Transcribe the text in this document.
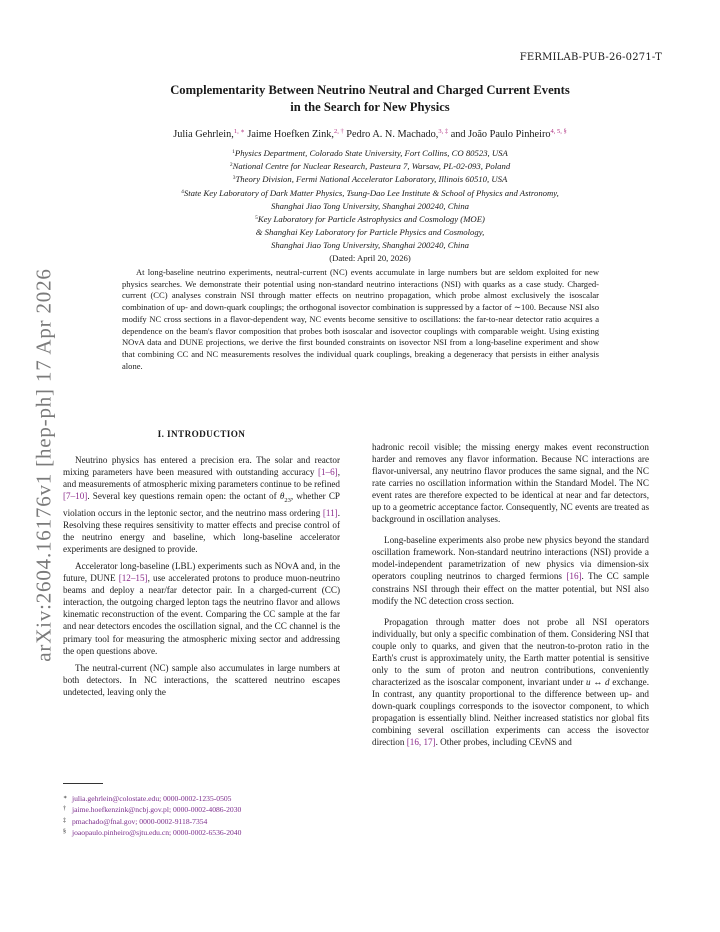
FERMILAB-PUB-26-0271-T
arXiv:2604.16176v1 [hep-ph] 17 Apr 2026
Complementarity Between Neutrino Neutral and Charged Current Events
in the Search for New Physics
Julia Gehrlein,$^{1, ∗}$ Jaime Hoefken Zink,$^{2, \dagger}$ Pedro A. N. Machado,$^{3, \ddagger}$ and João Paulo Pinheiro$^{4, 5, \S}$
$^1$Physics Department, Colorado State University, Fort Collins, CO 80523, USA
$^2$National Centre for Nuclear Research, Pasteura 7, Warsaw, PL-02-093, Poland
$^3$Theory Division, Fermi National Accelerator Laboratory, Illinois 60510, USA
$^4$State Key Laboratory of Dark Matter Physics, Tsung-Dao Lee Institute & School of Physics and Astronomy,
Shanghai Jiao Tong University, Shanghai 200240, China
$^5$Key Laboratory for Particle Astrophysics and Cosmology (MOE)
& Shanghai Key Laboratory for Particle Physics and Cosmology,
Shanghai Jiao Tong University, Shanghai 200240, China
(Dated: April 20, 2026)
At long-baseline neutrino experiments, neutral-current (NC) events accumulate in large numbers but are seldom exploited for new physics searches. We demonstrate their potential using non-standard neutrino interactions (NSI) with quarks as a case study. Charged-current (CC) analyses constrain NSI through matter effects on neutrino propagation, which probe almost exclusively the isoscalar combination of up- and down-quark couplings; the orthogonal isovector combination is suppressed by a factor of ∼100. Because NSI also modify NC cross sections in a flavor-dependent way, NC events become sensitive to oscillations: the far-to-near detector ratio acquires a dependence on the beam's flavor composition that probes both isoscalar and isovector couplings with comparable weight. Using existing NOvA data and DUNE projections, we derive the first bounded constraints on isovector NSI from a long-baseline experiment and show that combining CC and NC measurements resolves the individual quark couplings, breaking a degeneracy that persists in either analysis alone.
I. INTRODUCTION

Neutrino physics has entered a precision era. The solar and reactor mixing parameters have been measured with outstanding accuracy [1–6], and measurements of atmospheric mixing parameters continue to be refined [7–10]. Several key questions remain open: the octant of $\theta_{23}$, whether CP violation occurs in the leptonic sector, and the neutrino mass ordering [11]. Resolving these requires sensitivity to matter effects and precise control of the neutrino energy and baseline, which long-baseline accelerator experiments are designed to provide.

Accelerator long-baseline (LBL) experiments such as NOvA and, in the future, DUNE [12–15], use accelerated protons to produce muon-neutrino beams and deploy a near/far detector pair. In a charged-current (CC) interaction, the outgoing charged lepton tags the neutrino flavor and allows kinematic reconstruction of the event. Comparing the CC sample at the far and near detectors encodes the oscillation signal, and the CC channel is the primary tool for measuring the atmospheric mixing sector and addressing the open questions above.

The neutral-current (NC) sample also accumulates in large numbers at both detectors. In NC interactions, the scattered neutrino escapes undetected, leaving only the

hadronic recoil visible; the missing energy makes event reconstruction harder and removes any flavor information. Because NC interactions are flavor-universal, any neutrino flavor produces the same signal, and the NC rate carries no oscillation information within the Standard Model. The NC event rates are therefore expected to be identical at near and far detectors, up to a geometric acceptance factor. Consequently, NC events are treated as background in oscillation analyses.

Long-baseline experiments also probe new physics beyond the standard oscillation framework. Non-standard neutrino interactions (NSI) provide a model-independent parametrization of new physics via dimension-six operators coupling neutrinos to charged fermions [16]. The CC sample constrains NSI through their effect on the matter potential, but NSI also modify the NC detection cross section.

Propagation through matter does not probe all NSI operators individually, but only a specific combination of them. Considering NSI that couple only to quarks, and given that the neutron-to-proton ratio in the Earth's crust is approximately unity, the Earth matter potential is sensitive only to the sum of proton and neutron contributions, conveniently characterized as the isoscalar component, invariant under u ↔ d exchange. In contrast, any quantity proportional to the difference between up- and down-quark couplings corresponds to the isovector component, to which propagation is essentially blind. Neither increased statistics nor global fits combining several oscillation experiments can access the isovector direction [16, 17]. Other probes, including CEνNS and

∗ julia.gehrlein@colostate.edu; 0000-0002-1235-0505
† jaime.hoefkenzink@ncbj.gov.pl; 0000-0002-4086-2030
‡ pmachado@fnal.gov; 0000-0002-9118-7354
§ joaopaulo.pinheiro@sjtu.edu.cn; 0000-0002-6536-2040
